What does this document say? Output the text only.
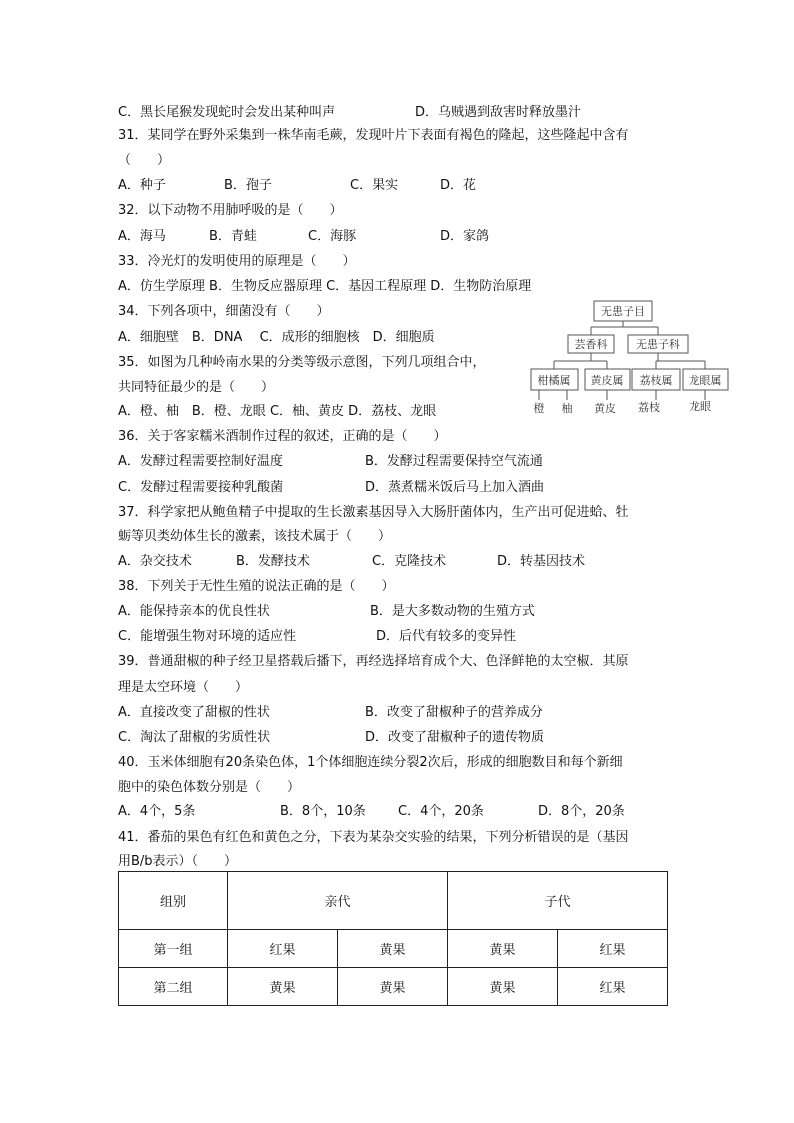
C．黑长尾猴发现蛇时会发出某种叫声	D．乌贼遇到敌害时释放墨汁
31．某同学在野外采集到一株华南毛蕨，发现叶片下表面有褐色的隆起，这些隆起中含有
（　　）
A．种子	B．孢子	C．果实	D．花
32．以下动物不用肺呼吸的是（　　）
A．海马	B．青蛙	C．海豚	D．家鸽
33．冷光灯的发明使用的原理是（　　）
A．仿生学原理 B．生物反应器原理 C．基因工程原理 D．生物防治原理
34．下列各项中，细菌没有（　　）
A．细胞壁　B．DNA　 C．成形的细胞核　D．细胞质
35．如图为几种岭南水果的分类等级示意图，下列几项组合中，
共同特征最少的是（　　）
A．橙、柚　B．橙、龙眼 C．柚、黄皮 D．荔枝、龙眼
36．关于客家糯米酒制作过程的叙述，正确的是（　　）
A．发酵过程需要控制好温度	B．发酵过程需要保持空气流通
C．发酵过程需要接种乳酸菌	D．蒸煮糯米饭后马上加入酒曲
37．科学家把从鲍鱼精子中提取的生长激素基因导入大肠肝菌体内，生产出可促进蛤、牡
蛎等贝类幼体生长的激素，该技术属于（　　）
A．杂交技术	B．发酵技术	C．克隆技术	D．转基因技术
38．下列关于无性生殖的说法正确的是（　　）
A．能保持亲本的优良性状	B．是大多数动物的生殖方式
C．能增强生物对环境的适应性	D．后代有较多的变异性
39．普通甜椒的种子经卫星搭载后播下，再经选择培育成个大、色泽鲜艳的太空椒．其原
理是太空环境（　　）
A．直接改变了甜椒的性状	B．改变了甜椒种子的营养成分
C．淘汰了甜椒的劣质性状	D．改变了甜椒种子的遗传物质
40．玉米体细胞有20条染色体，1个体细胞连续分裂2次后，形成的细胞数目和每个新细
胞中的染色体数分别是（　　）
A．4个，5条	B．8个，10条 C．4个，20条	D．8个，20条
41．番茄的果色有红色和黄色之分，下表为某杂交实验的结果，下列分析错误的是（基因
用B/b表示）（　　）
无患子目
芸香科	无患子科
柑橘属 黄皮属 荔枝属 龙眼属
橙 柚 黄皮 荔枝	龙眼
组别	亲代		子代	
第一组	红果	黄果	黄果	红果
第二组	黄果	黄果	黄果	红果
